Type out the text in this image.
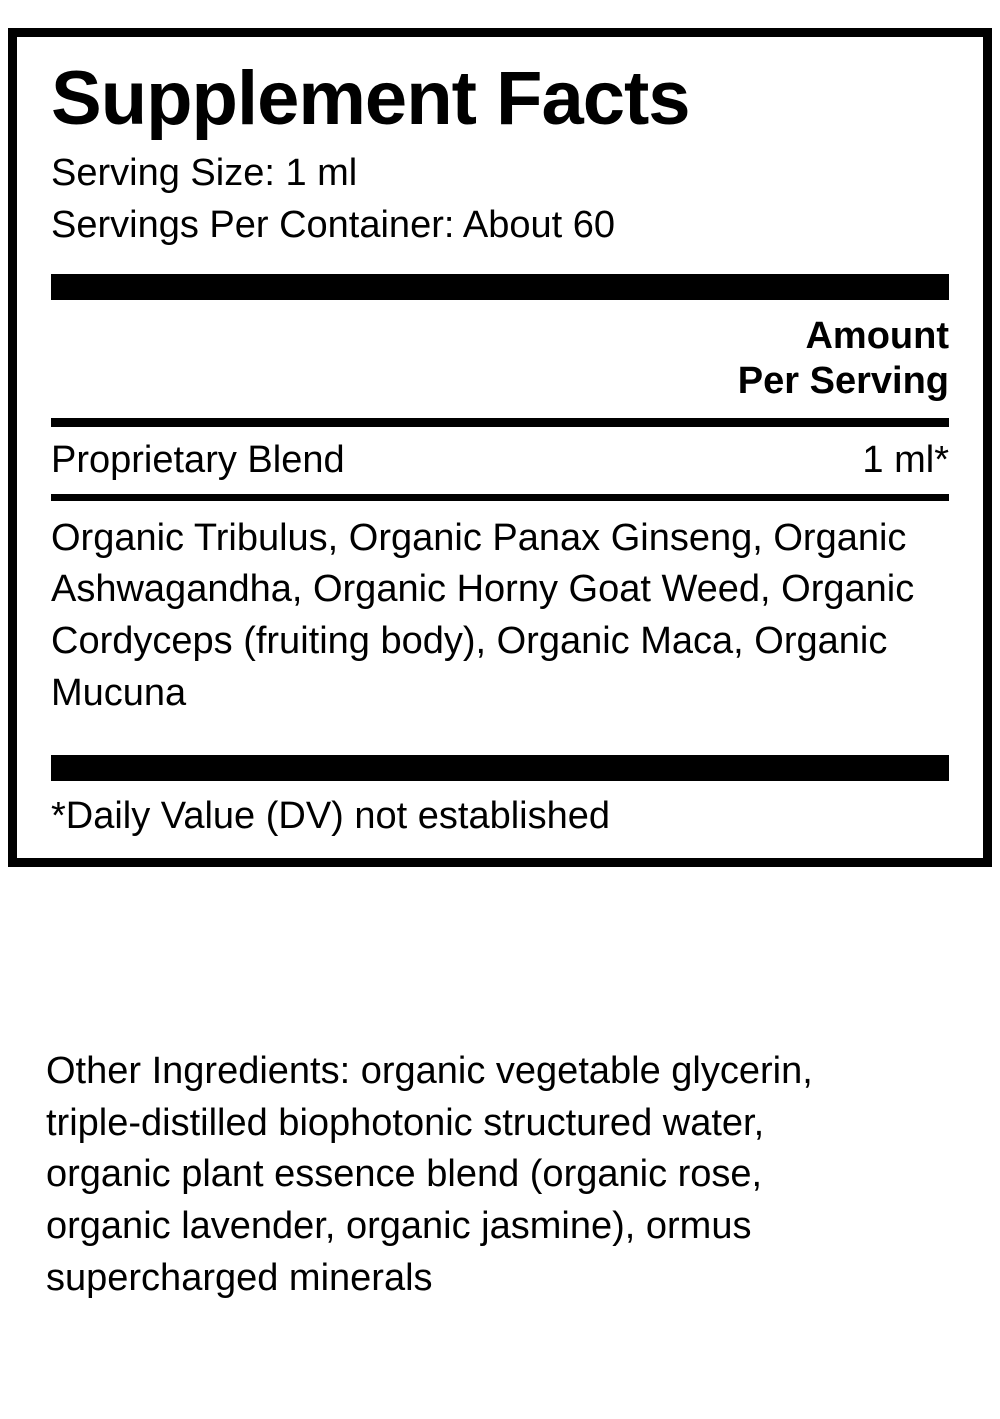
Supplement Facts
Serving Size: 1 ml
Servings Per Container: About 60
Amount
Per Serving
Proprietary Blend	1 ml*
Organic Tribulus, Organic Panax Ginseng, Organic Ashwagandha, Organic Horny Goat Weed, Organic Cordyceps (fruiting body), Organic Maca, Organic Mucuna
*Daily Value (DV) not established
Other Ingredients: organic vegetable glycerin, triple-distilled biophotonic structured water, organic plant essence blend (organic rose, organic lavender, organic jasmine), ormus supercharged minerals
